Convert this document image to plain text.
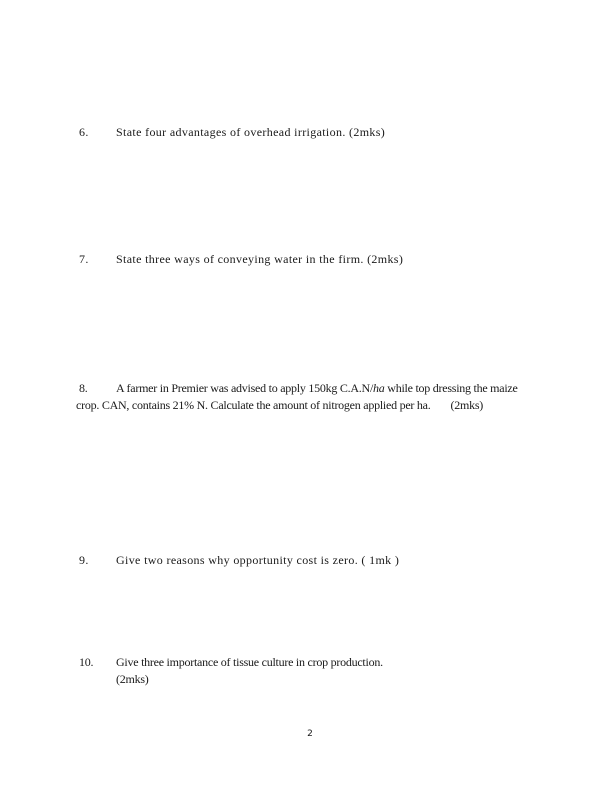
6. State four advantages of overhead irrigation. (2mks)
7. State three ways of conveying water in the firm. (2mks)
8. A farmer in Premier was advised to apply 150kg C.A.N/ha while top dressing the maize
crop. CAN, contains 21% N. Calculate the amount of nitrogen applied per ha. (2mks)
9. Give two reasons why opportunity cost is zero. ( 1mk )
10. Give three importance of tissue culture in crop production.
(2mks)
2
